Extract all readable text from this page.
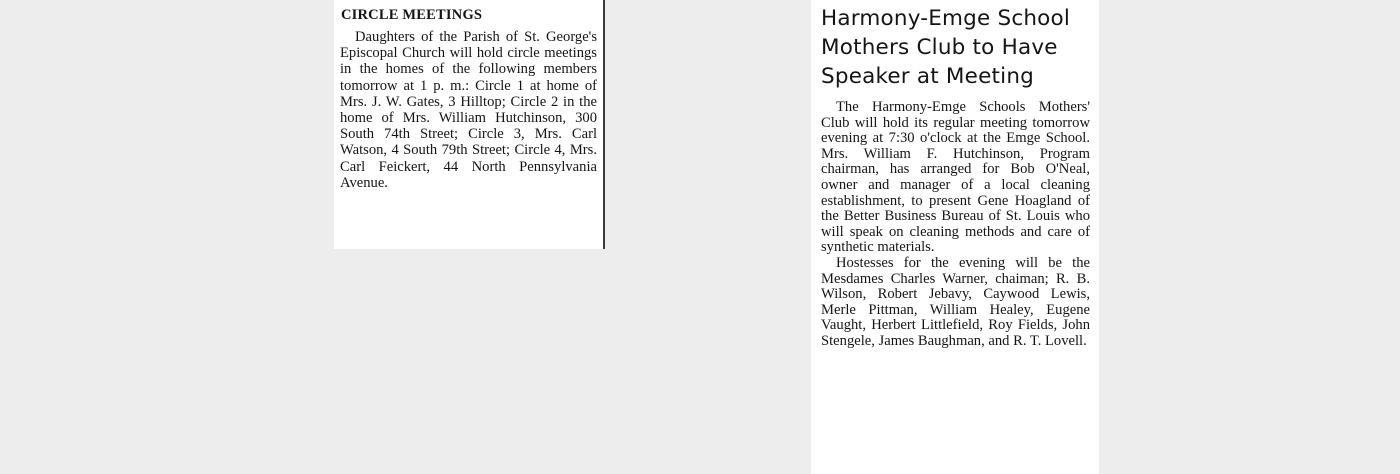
CIRCLE MEETINGS

Daughters of the Parish of St. George's Episcopal Church will hold circle meetings in the homes of the following members tomorrow at 1 p. m.: Circle 1 at home of Mrs. J. W. Gates, 3 Hilltop; Circle 2 in the home of Mrs. William Hutchinson, 300 South 74th Street; Circle 3, Mrs. Carl Watson, 4 South 79th Street; Circle 4, Mrs. Carl Feickert, 44 North Pennsylvania Avenue.

Harmony-Emge School Mothers Club to Have Speaker at Meeting

The Harmony-Emge Schools Mothers' Club will hold its regular meeting tomorrow evening at 7:30 o'clock at the Emge School. Mrs. William F. Hutchinson, Program chairman, has arranged for Bob O'Neal, owner and manager of a local cleaning establishment, to present Gene Hoagland of the Better Business Bureau of St. Louis who will speak on cleaning methods and care of synthetic materials.

Hostesses for the evening will be the Mesdames Charles Warner, chaiman; R. B. Wilson, Robert Jebavy, Caywood Lewis, Merle Pittman, William Healey, Eugene Vaught, Herbert Littlefield, Roy Fields, John Stengele, James Baughman, and R. T. Lovell.
